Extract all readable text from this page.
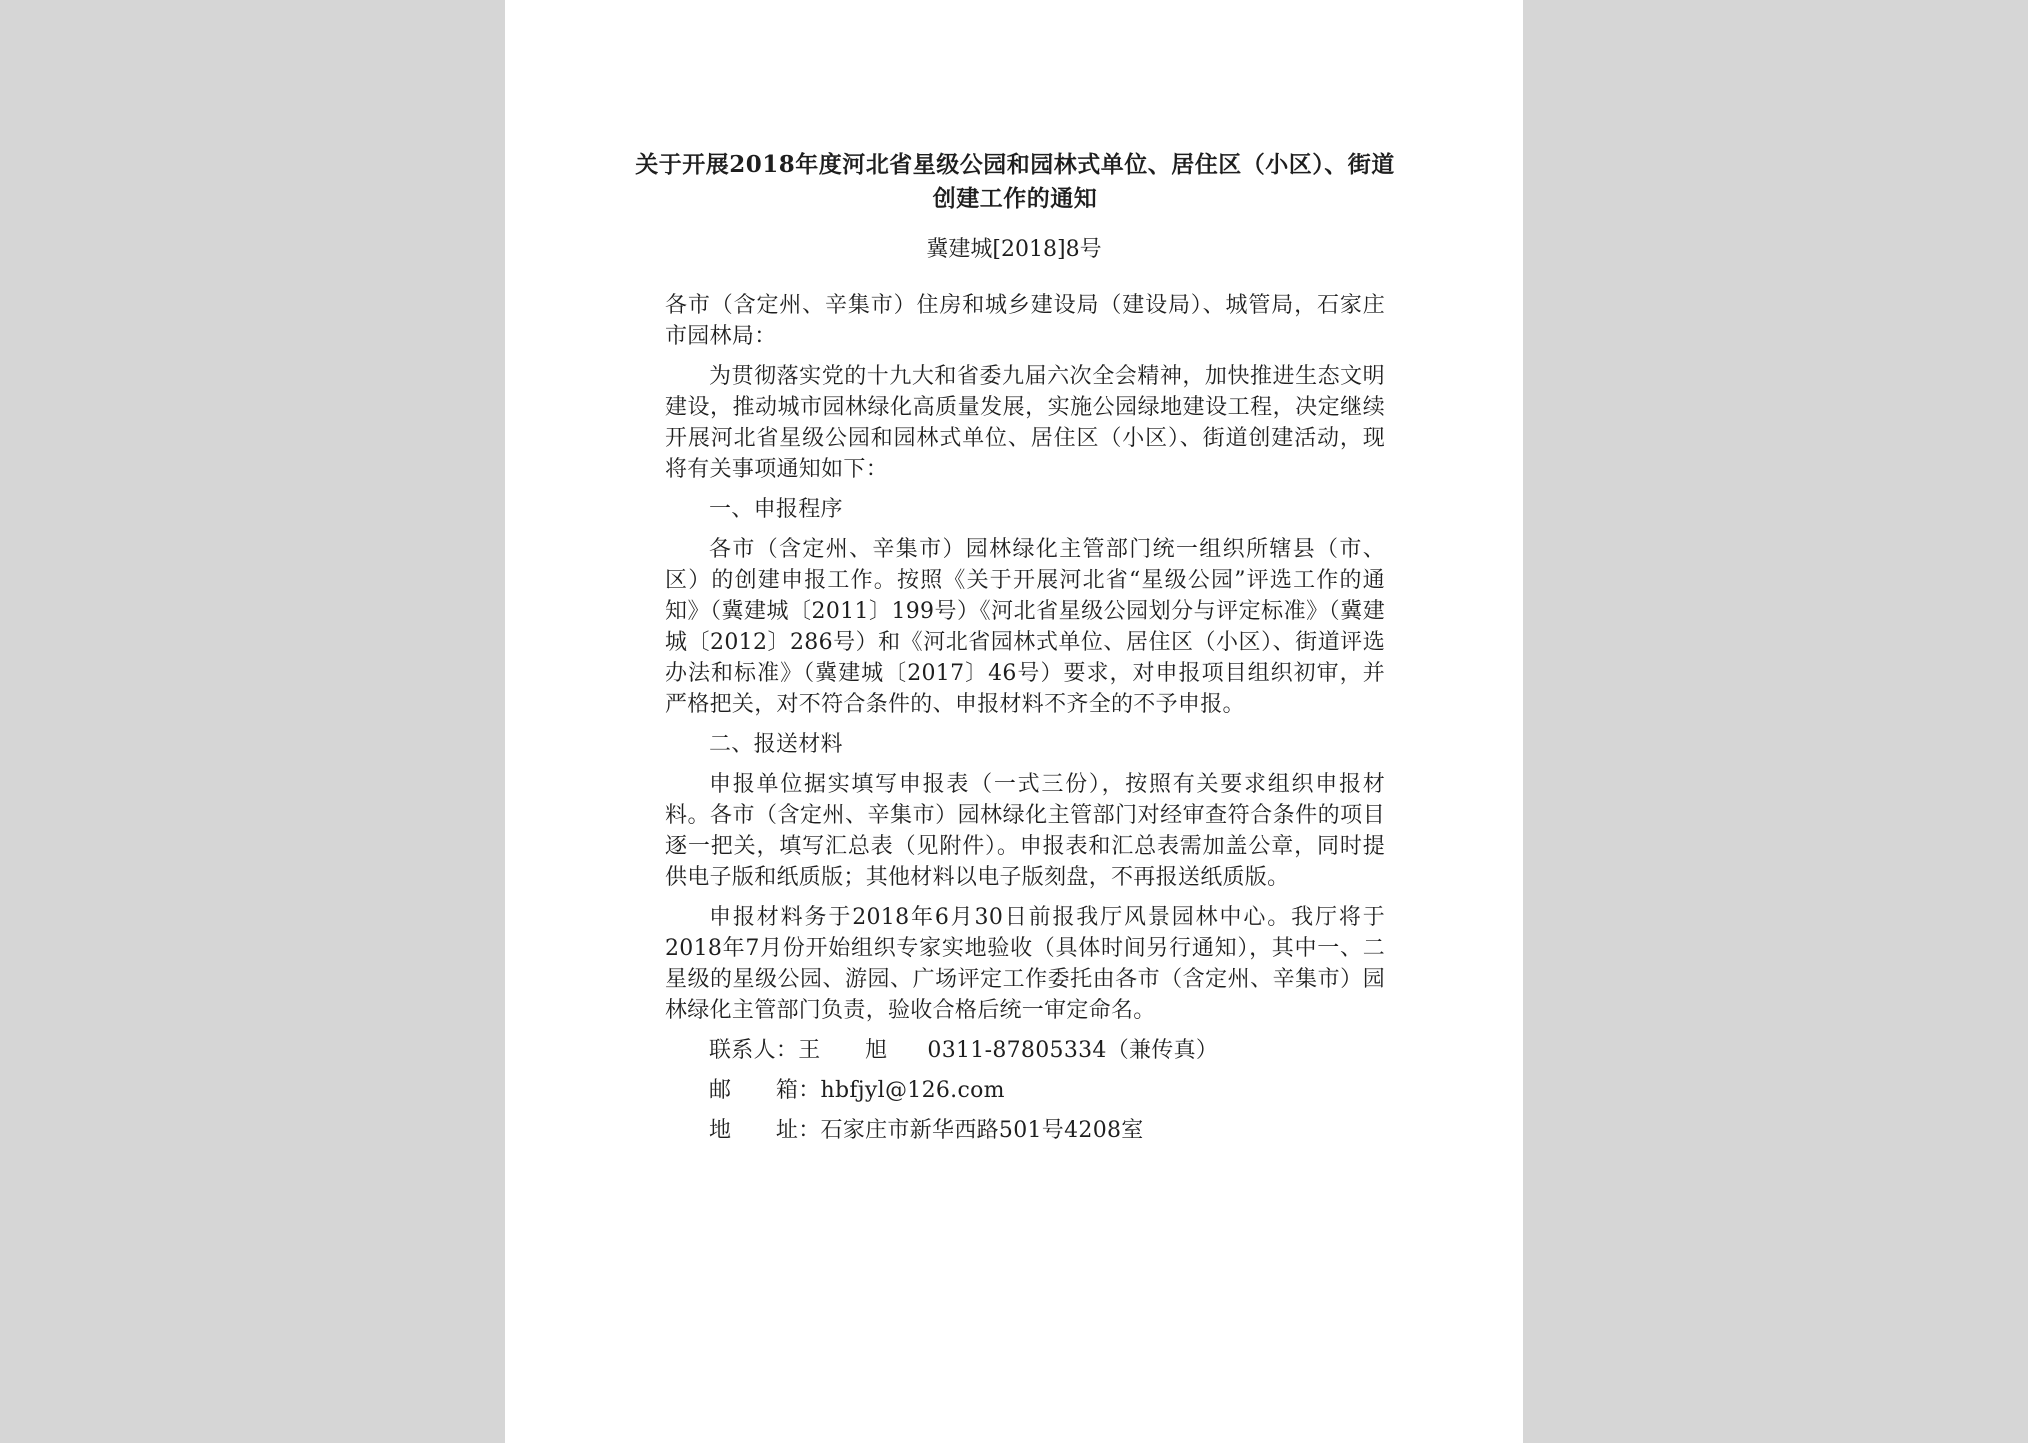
关于开展2018年度河北省星级公园和园林式单位、居住区（小区）、街道创建工作的通知
冀建城[2018]8号

各市（含定州、辛集市）住房和城乡建设局（建设局）、城管局，石家庄市园林局：

为贯彻落实党的十九大和省委九届六次全会精神，加快推进生态文明建设，推动城市园林绿化高质量发展，实施公园绿地建设工程，决定继续开展河北省星级公园和园林式单位、居住区（小区）、街道创建活动，现将有关事项通知如下：

一、申报程序

各市（含定州、辛集市）园林绿化主管部门统一组织所辖县（市、区）的创建申报工作。按照《关于开展河北省“星级公园”评选工作的通知》（冀建城〔2011〕199号）《河北省星级公园划分与评定标准》（冀建城〔2012〕286号）和《河北省园林式单位、居住区（小区）、街道评选办法和标准》（冀建城〔2017〕46号）要求，对申报项目组织初审，并严格把关，对不符合条件的、申报材料不齐全的不予申报。

二、报送材料

申报单位据实填写申报表（一式三份），按照有关要求组织申报材料。各市（含定州、辛集市）园林绿化主管部门对经审查符合条件的项目逐一把关，填写汇总表（见附件）。申报表和汇总表需加盖公章，同时提供电子版和纸质版；其他材料以电子版刻盘，不再报送纸质版。

申报材料务于2018年6月30日前报我厅风景园林中心。我厅将于2018年7月份开始组织专家实地验收（具体时间另行通知），其中一、二星级的星级公园、游园、广场评定工作委托由各市（含定州、辛集市）园林绿化主管部门负责，验收合格后统一审定命名。

联系人：王　　旭 0311-87805334（兼传真）
邮　　箱：hbfjyl@126.com
地　　址：石家庄市新华西路501号4208室
